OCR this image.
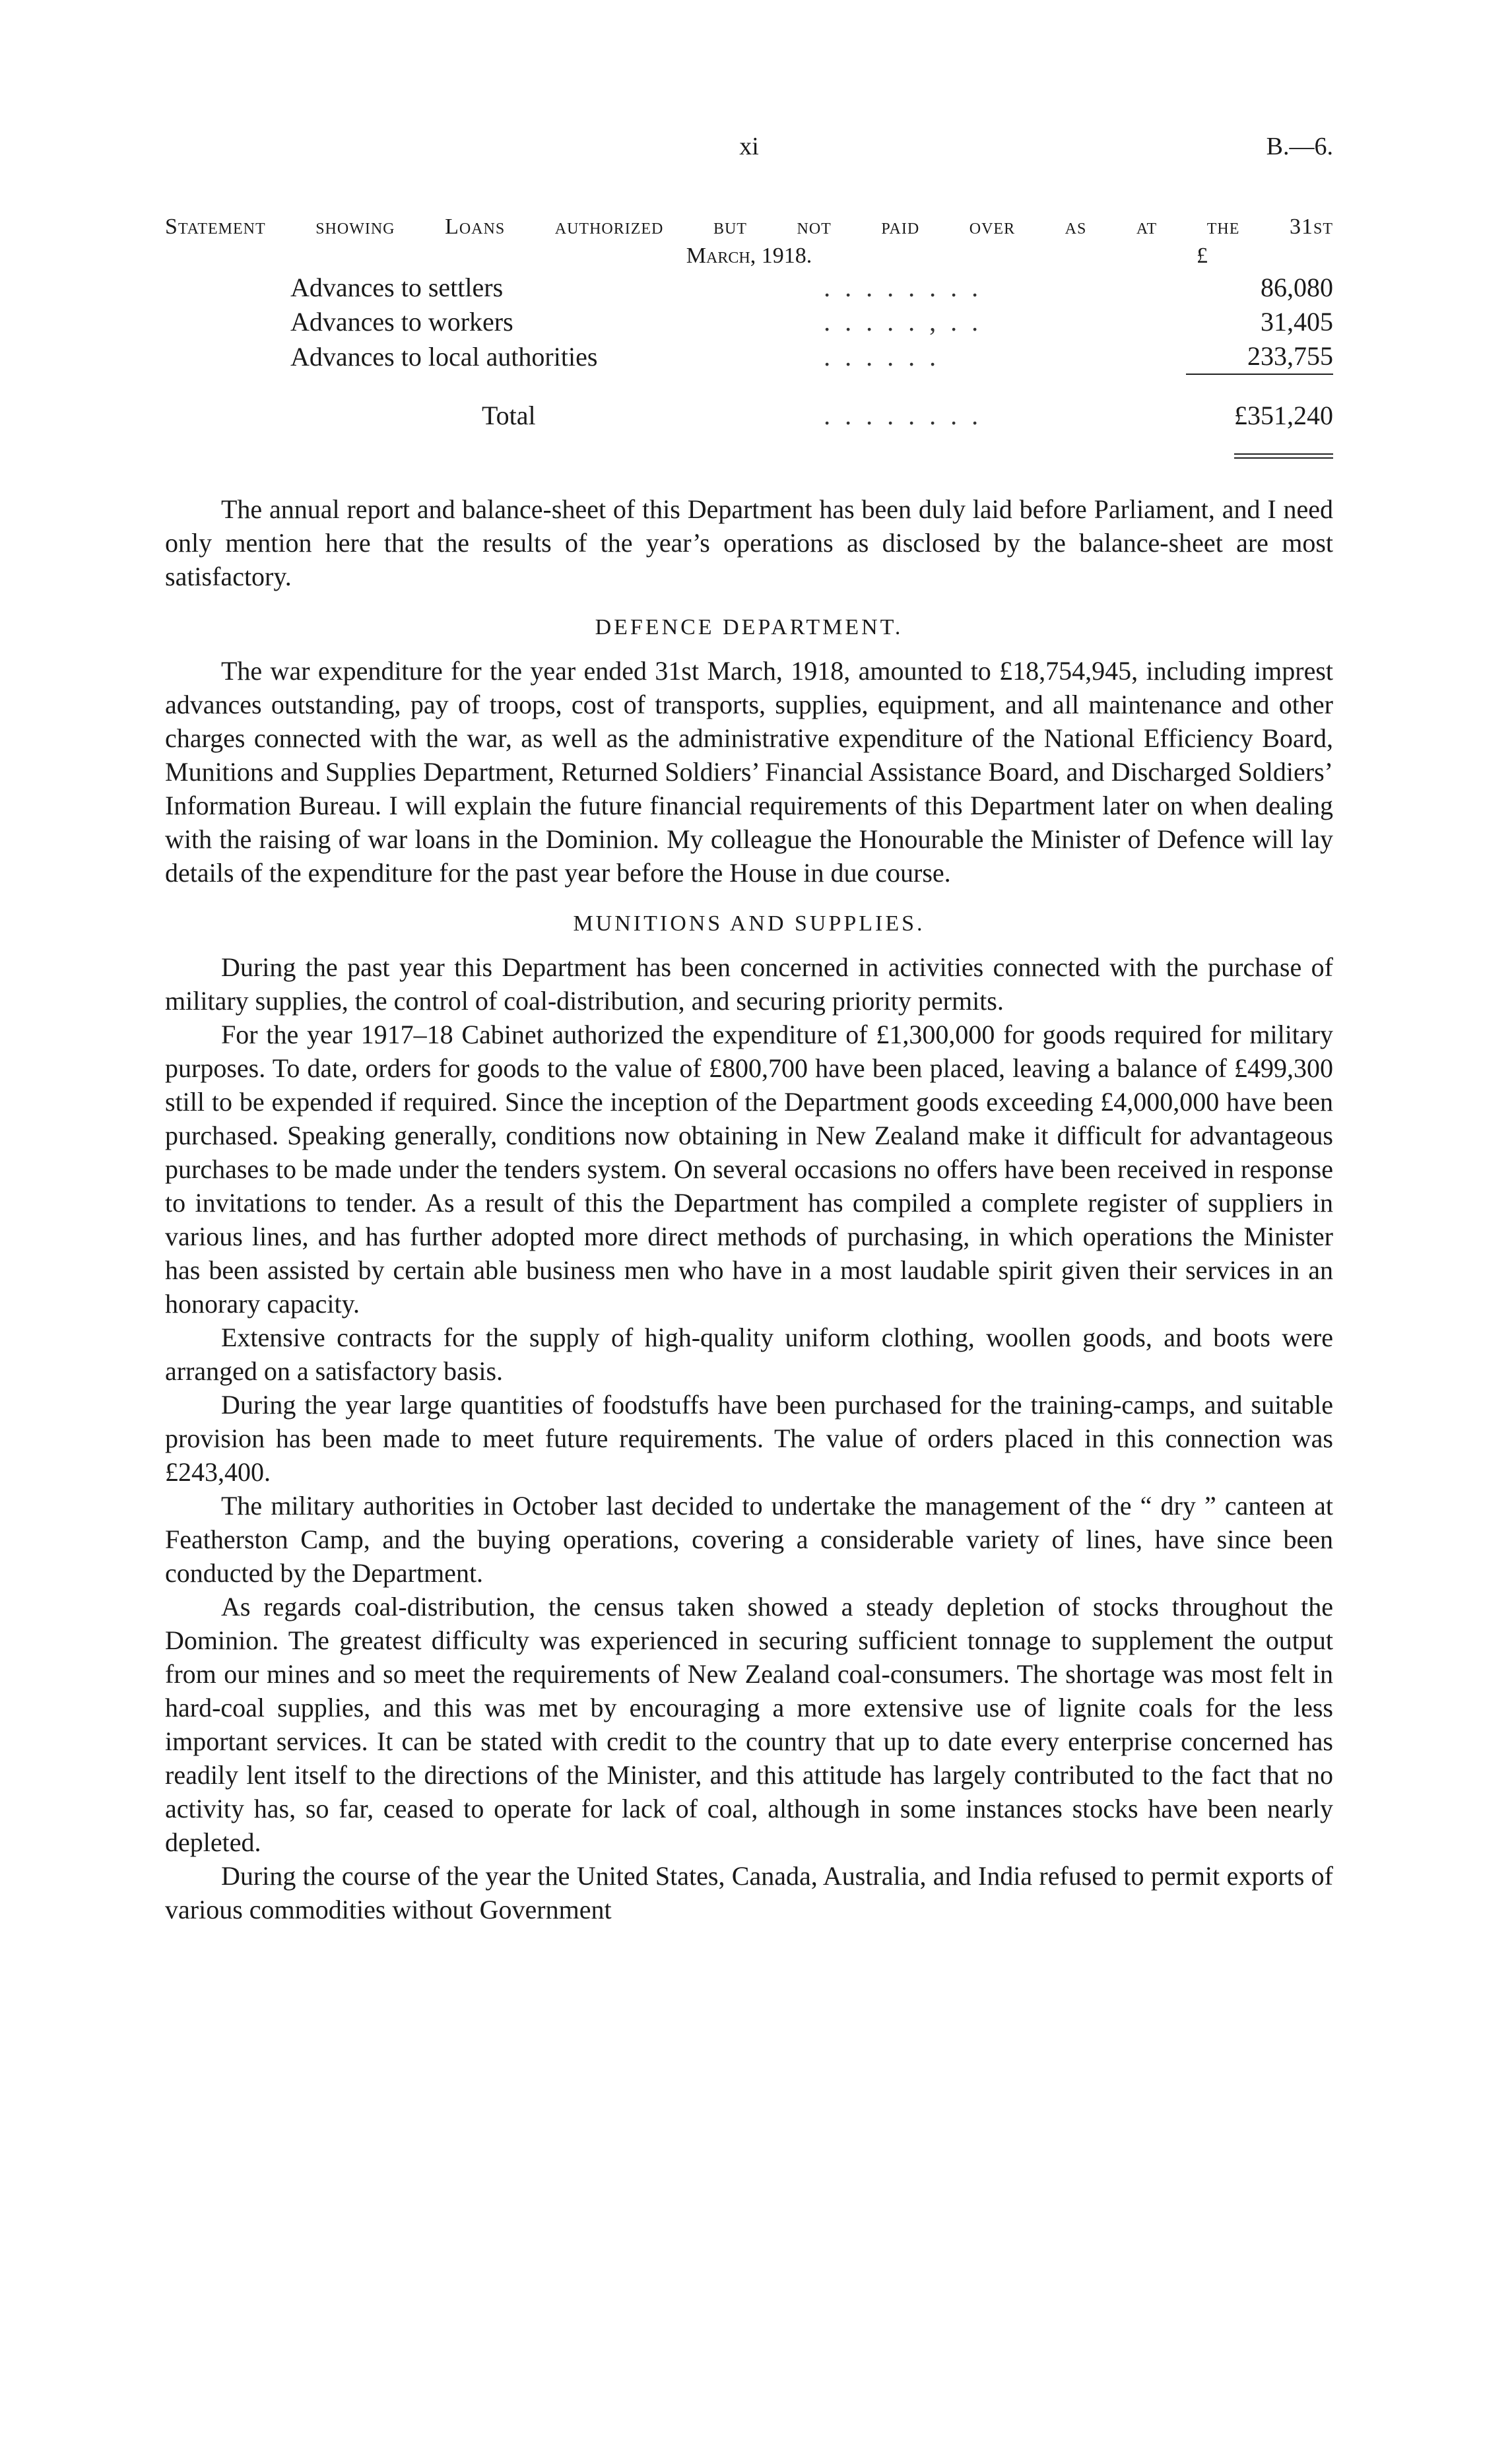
xi	B.—6.
Statement showing Loans authorized but not paid over as at the 31st
March, 1918.	£
Advances to settlers	. . . . . . . .	86,080
Advances to workers	. . . . . , . .	31,405
Advances to local authorities	. . . . . .	233,755

Total	. . . . . . . .	£351,240

The annual report and balance-sheet of this Department has been duly laid before Parliament, and I need only mention here that the results of the year’s operations as disclosed by the balance-sheet are most satisfactory.

DEFENCE DEPARTMENT.

The war expenditure for the year ended 31st March, 1918, amounted to £18,754,945, including imprest advances outstanding, pay of troops, cost of transports, supplies, equipment, and all maintenance and other charges connected with the war, as well as the administrative expenditure of the National Efficiency Board, Munitions and Supplies Department, Returned Soldiers’ Financial Assistance Board, and Discharged Soldiers’ Information Bureau. I will explain the future financial requirements of this Department later on when dealing with the raising of war loans in the Dominion. My colleague the Honourable the Minister of Defence will lay details of the expenditure for the past year before the House in due course.

MUNITIONS AND SUPPLIES.

During the past year this Department has been concerned in activities connected with the purchase of military supplies, the control of coal-distribution, and securing priority permits.

For the year 1917–18 Cabinet authorized the expenditure of £1,300,000 for goods required for military purposes. To date, orders for goods to the value of £800,700 have been placed, leaving a balance of £499,300 still to be expended if required. Since the inception of the Department goods exceeding £4,000,000 have been purchased. Speaking generally, conditions now obtaining in New Zealand make it difficult for advantageous purchases to be made under the tenders system. On several occasions no offers have been received in response to invitations to tender. As a result of this the Department has compiled a complete register of suppliers in various lines, and has further adopted more direct methods of purchasing, in which operations the Minister has been assisted by certain able business men who have in a most laudable spirit given their services in an honorary capacity.

Extensive contracts for the supply of high-quality uniform clothing, woollen goods, and boots were arranged on a satisfactory basis.

During the year large quantities of foodstuffs have been purchased for the training-camps, and suitable provision has been made to meet future requirements. The value of orders placed in this connection was £243,400.

The military authorities in October last decided to undertake the management of the “ dry ” canteen at Featherston Camp, and the buying operations, covering a considerable variety of lines, have since been conducted by the Department.

As regards coal-distribution, the census taken showed a steady depletion of stocks throughout the Dominion. The greatest difficulty was experienced in securing sufficient tonnage to supplement the output from our mines and so meet the requirements of New Zealand coal-consumers. The shortage was most felt in hard-coal supplies, and this was met by encouraging a more extensive use of lignite coals for the less important services. It can be stated with credit to the country that up to date every enterprise concerned has readily lent itself to the directions of the Minister, and this attitude has largely contributed to the fact that no activity has, so far, ceased to operate for lack of coal, although in some instances stocks have been nearly depleted.

During the course of the year the United States, Canada, Australia, and India refused to permit exports of various commodities without Government
